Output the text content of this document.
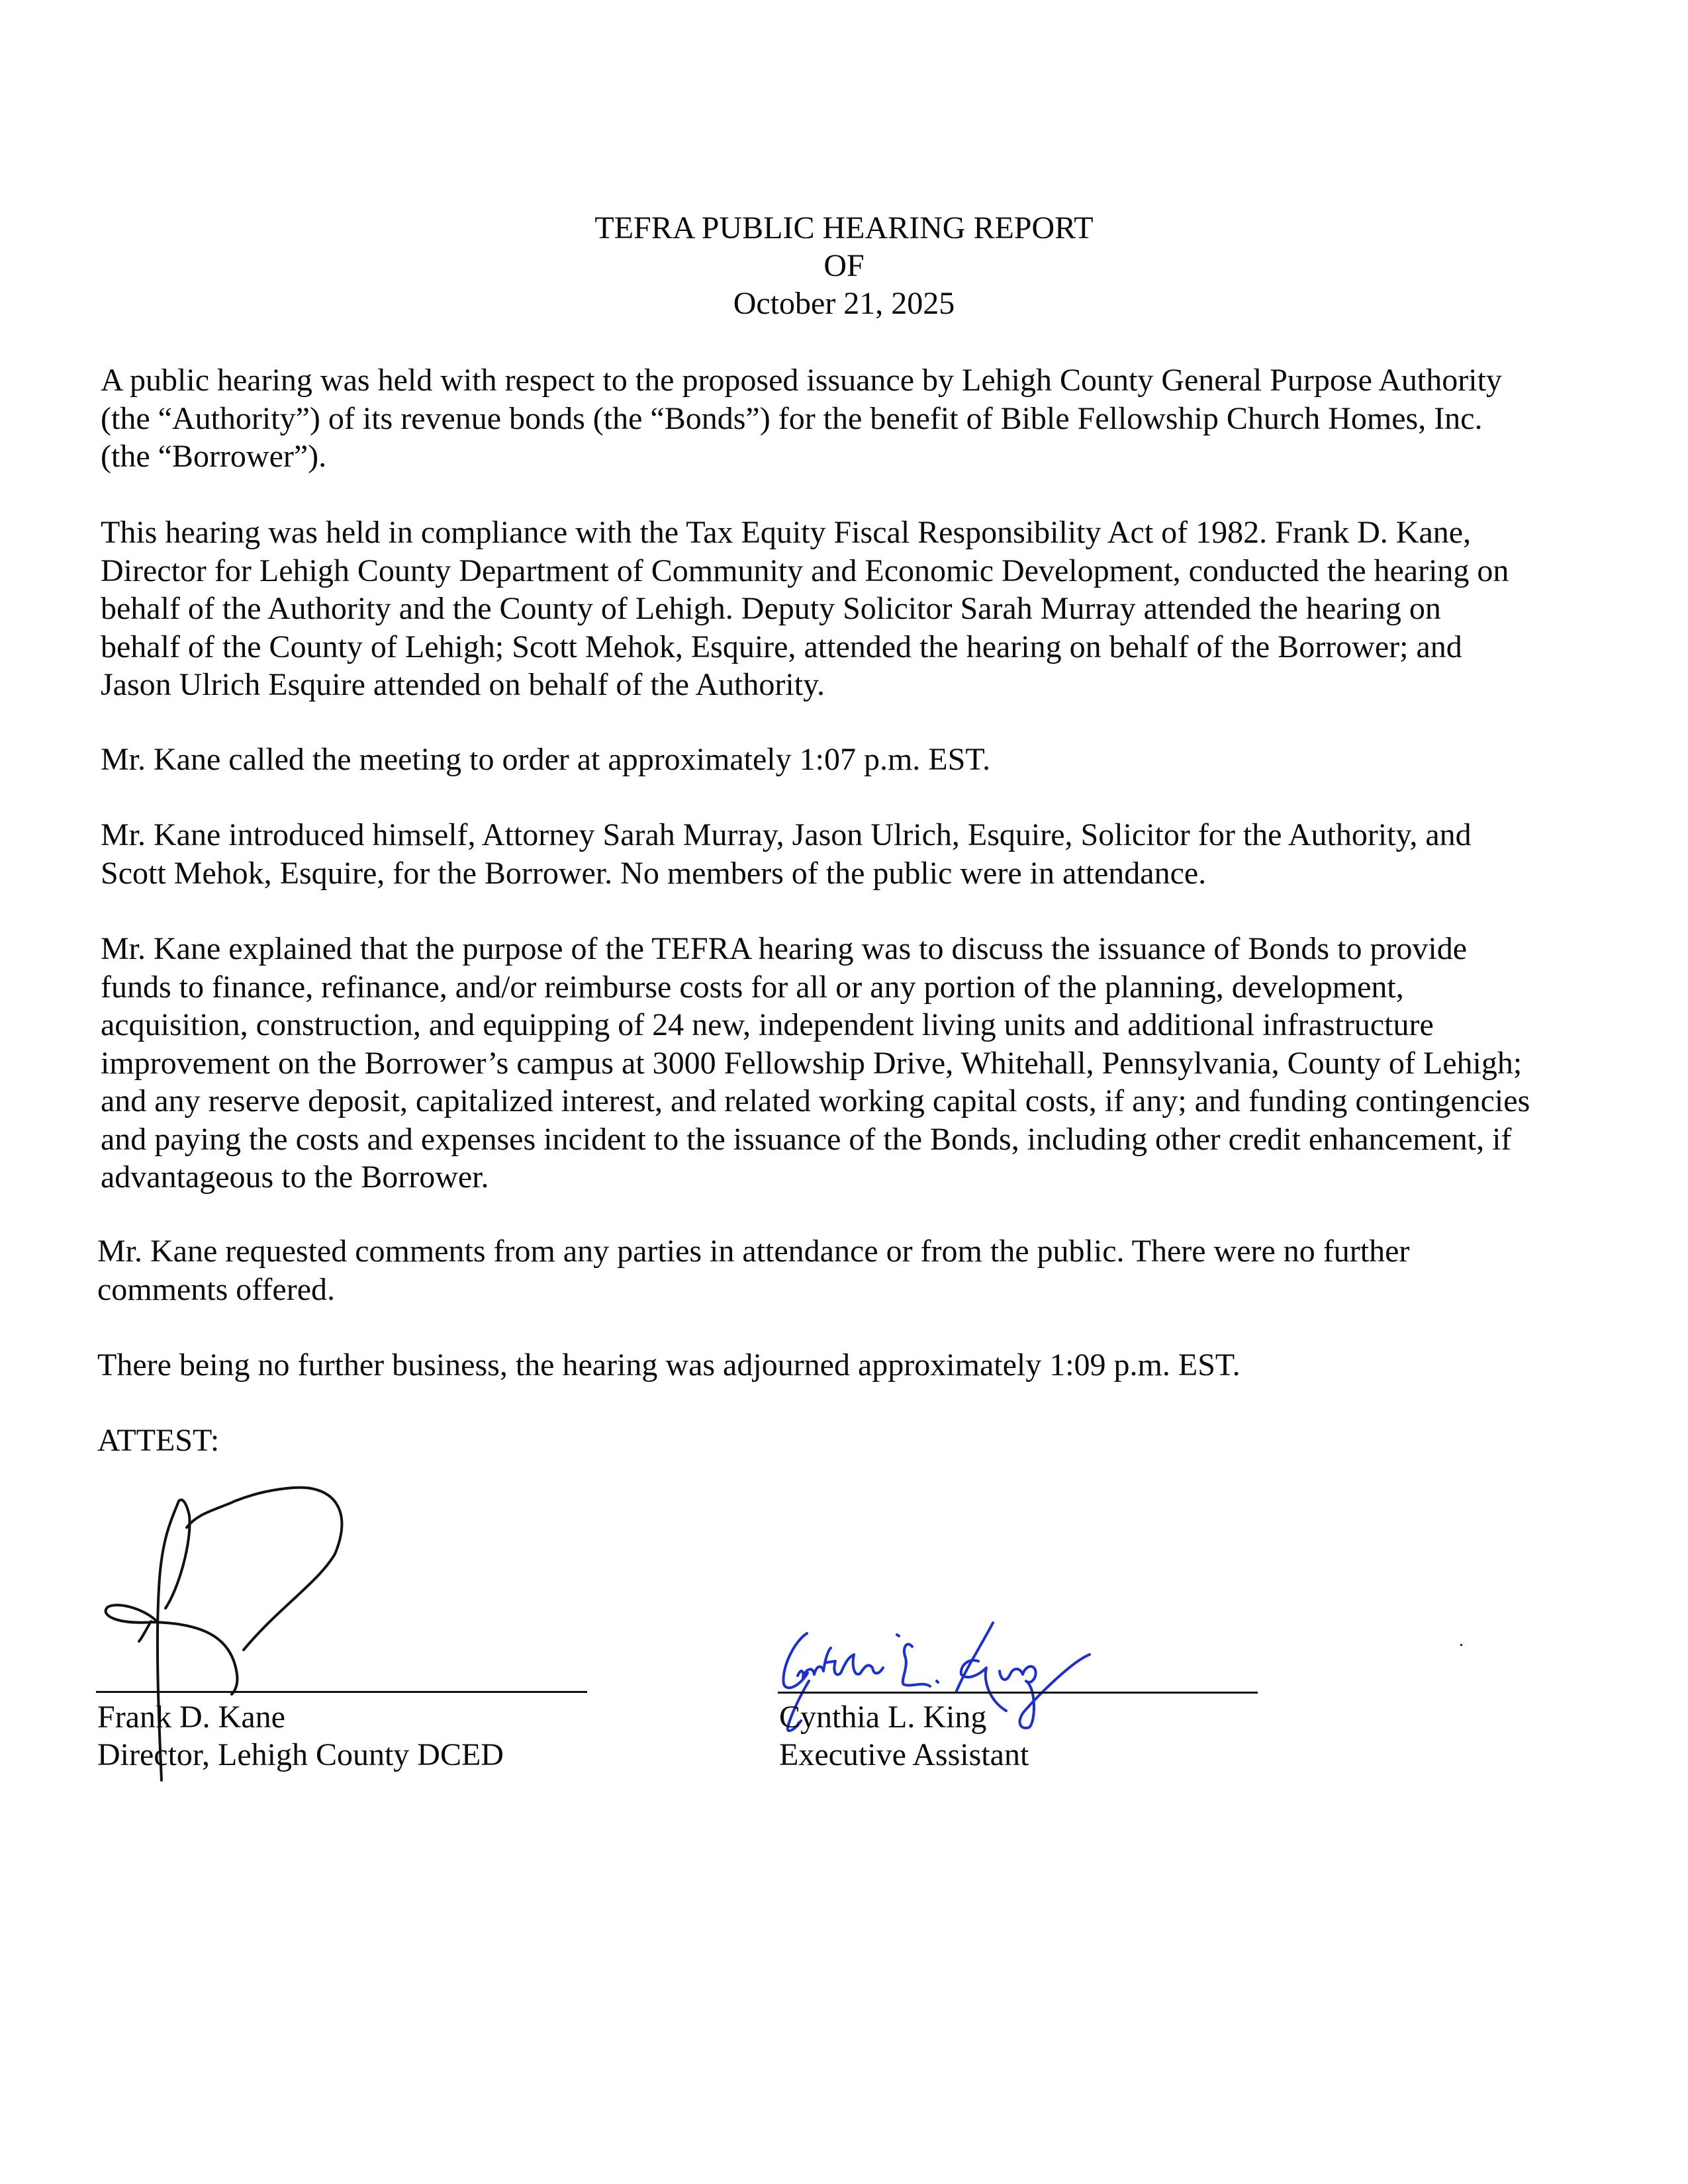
TEFRA PUBLIC HEARING REPORT
OF
October 21, 2025
A public hearing was held with respect to the proposed issuance by Lehigh County General Purpose Authority
(the “Authority”) of its revenue bonds (the “Bonds”) for the benefit of Bible Fellowship Church Homes, Inc.
(the “Borrower”).
This hearing was held in compliance with the Tax Equity Fiscal Responsibility Act of 1982. Frank D. Kane,
Director for Lehigh County Department of Community and Economic Development, conducted the hearing on
behalf of the Authority and the County of Lehigh. Deputy Solicitor Sarah Murray attended the hearing on
behalf of the County of Lehigh; Scott Mehok, Esquire, attended the hearing on behalf of the Borrower; and
Jason Ulrich Esquire attended on behalf of the Authority.
Mr. Kane called the meeting to order at approximately 1:07 p.m. EST.
Mr. Kane introduced himself, Attorney Sarah Murray, Jason Ulrich, Esquire, Solicitor for the Authority, and
Scott Mehok, Esquire, for the Borrower. No members of the public were in attendance.
Mr. Kane explained that the purpose of the TEFRA hearing was to discuss the issuance of Bonds to provide
funds to finance, refinance, and/or reimburse costs for all or any portion of the planning, development,
acquisition, construction, and equipping of 24 new, independent living units and additional infrastructure
improvement on the Borrower’s campus at 3000 Fellowship Drive, Whitehall, Pennsylvania, County of Lehigh;
and any reserve deposit, capitalized interest, and related working capital costs, if any; and funding contingencies
and paying the costs and expenses incident to the issuance of the Bonds, including other credit enhancement, if
advantageous to the Borrower.
Mr. Kane requested comments from any parties in attendance or from the public. There were no further
comments offered.
There being no further business, the hearing was adjourned approximately 1:09 p.m. EST.
ATTEST:
Frank D. Kane
Director, Lehigh County DCED
Cynthia L. King
Executive Assistant
